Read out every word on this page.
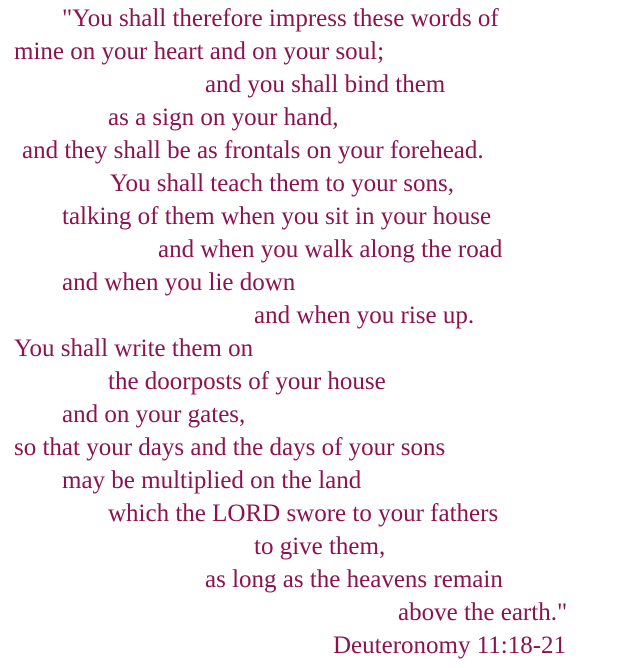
"You shall therefore impress these words of
mine on your heart and on your soul;
and you shall bind them
as a sign on your hand,
and they shall be as frontals on your forehead.
You shall teach them to your sons,
talking of them when you sit in your house
and when you walk along the road
and when you lie down
and when you rise up.
You shall write them on
the doorposts of your house
and on your gates,
so that your days and the days of your sons
may be multiplied on the land
which the LORD swore to your fathers
to give them,
as long as the heavens remain
above the earth."
Deuteronomy 11:18-21
